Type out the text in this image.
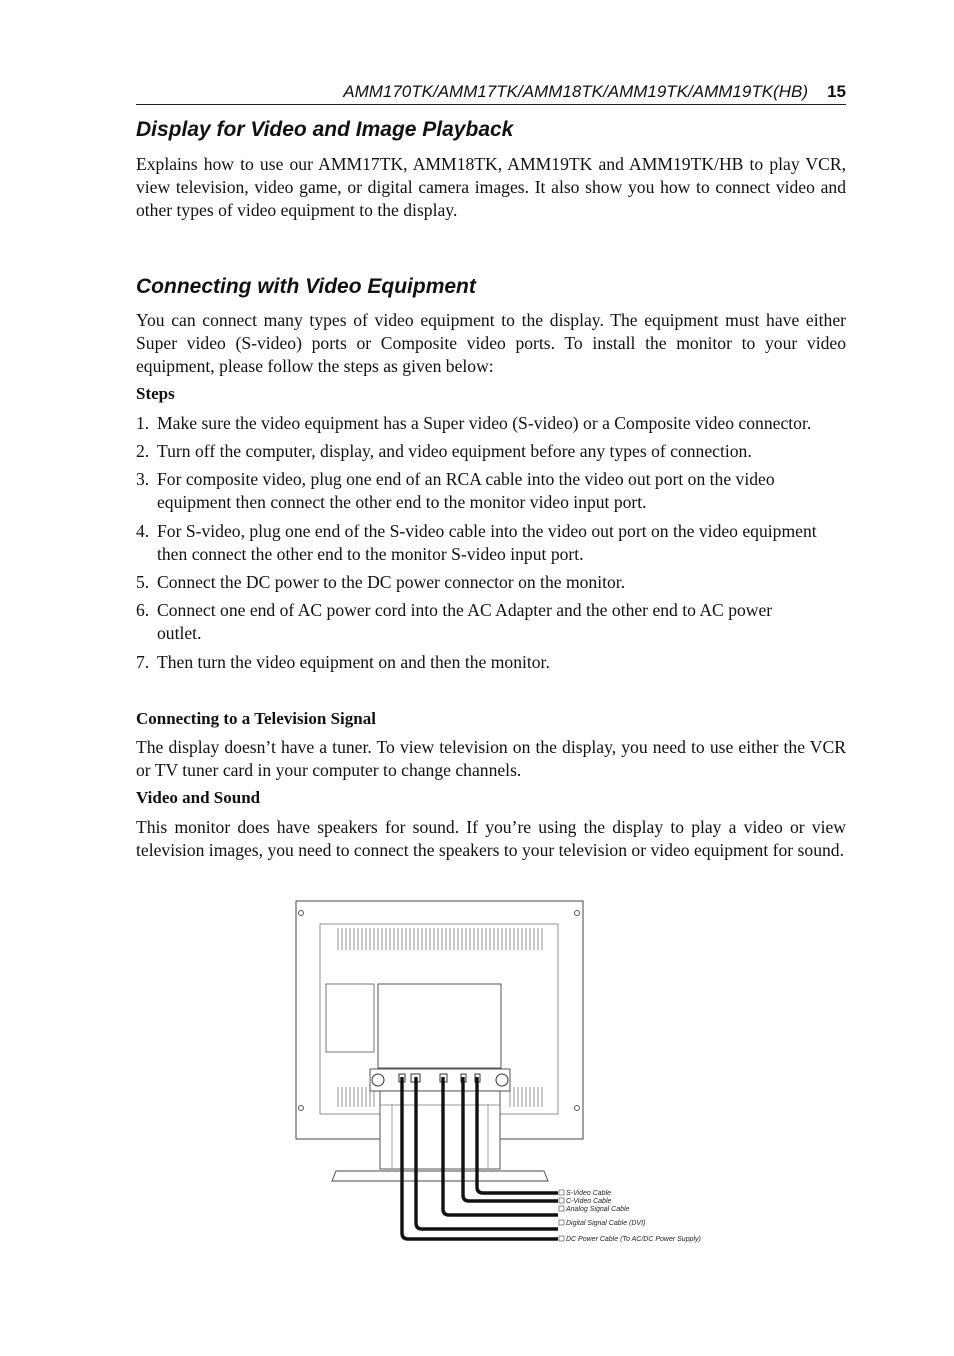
AMM170TK/AMM17TK/AMM18TK/AMM19TK/AMM19TK(HB) 15
Display for Video and Image Playback

Explains how to use our AMM17TK, AMM18TK, AMM19TK and AMM19TK/HB to play VCR, view television, video game, or digital camera images. It also show you how to connect video and other types of video equipment to the display.

Connecting with Video Equipment

You can connect many types of video equipment to the display. The equipment must have either Super video (S-video) ports or Composite video ports. To install the monitor to your video equipment, please follow the steps as given below:

Steps

1. Make sure the video equipment has a Super video (S-video) or a Composite video connector.
2. Turn off the computer, display, and video equipment before any types of connection.
3. For composite video, plug one end of an RCA cable into the video out port on the video equipment then connect the other end to the monitor video input port.
4. For S-video, plug one end of the S-video cable into the video out port on the video equipment then connect the other end to the monitor S-video input port.
5. Connect the DC power to the DC power connector on the monitor.
6. Connect one end of AC power cord into the AC Adapter and the other end to AC power outlet.
7. Then turn the video equipment on and then the monitor.

Connecting to a Television Signal

The display doesn’t have a tuner. To view television on the display, you need to use either the VCR or TV tuner card in your computer to change channels.

Video and Sound

This monitor does have speakers for sound. If you’re using the display to play a video or view television images, you need to connect the speakers to your television or video equipment for sound.

S-Video Cable
C-Video Cable
Analog Signal Cable
Digital Signal Cable (DVI)
DC Power Cable (To AC/DC Power Supply)
